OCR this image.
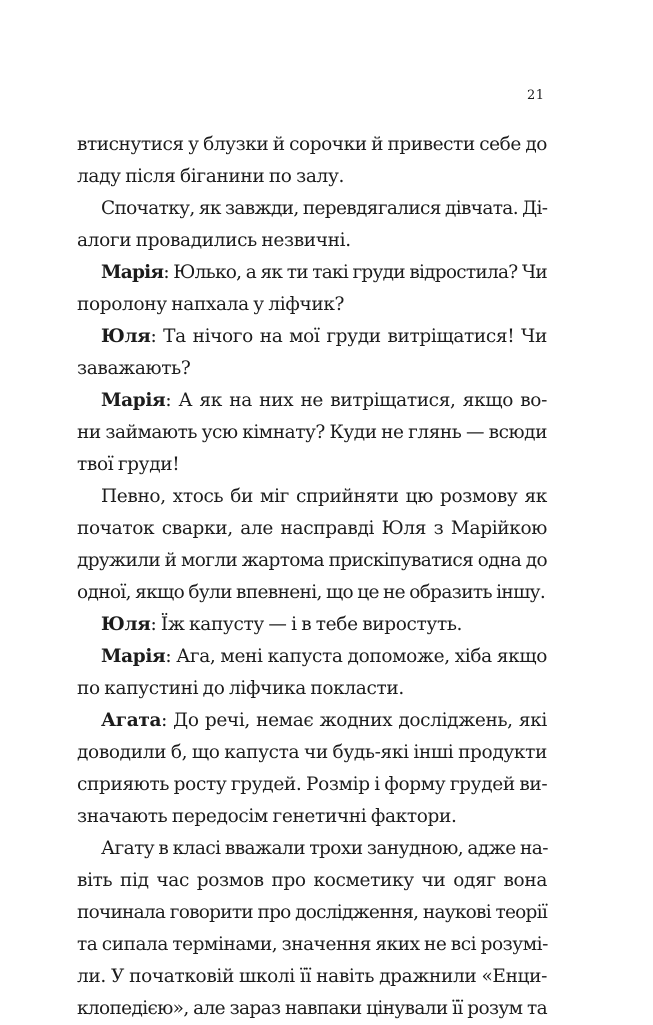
21
втиснутися у блузки й сорочки й привести себе до
ладу після біганини по залу.
Спочатку, як завжди, перевдягалися дівчата. Ді-
алоги провадились незвичні.
Марія: Юлько, а як ти такі груди відростила? Чи
поролону напхала у ліфчик?
Юля: Та нічого на мої груди витріщатися! Чи
заважають?
Марія: А як на них не витріщатися, якщо во-
ни займають усю кімнату? Куди не глянь — всюди
твої груди!
Певно, хтось би міг сприйняти цю розмову як
початок сварки, але насправді Юля з Марійкою
дружили й могли жартома прискіпуватися одна до
одної, якщо були впевнені, що це не образить іншу.
Юля: Їж капусту — і в тебе виростуть.
Марія: Ага, мені капуста допоможе, хіба якщо
по капустині до ліфчика покласти.
Агата: До речі, немає жодних досліджень, які
доводили б, що капуста чи будь-які інші продукти
сприяють росту грудей. Розмір і форму грудей ви-
значають передосім генетичні фактори.
Агату в класі вважали трохи занудною, адже на-
віть під час розмов про косметику чи одяг вона
починала говорити про дослідження, наукові теорії
та сипала термінами, значення яких не всі розумі-
ли. У початковій школі її навіть дражнили «Енци-
клопедією», але зараз навпаки цінували її розум та
